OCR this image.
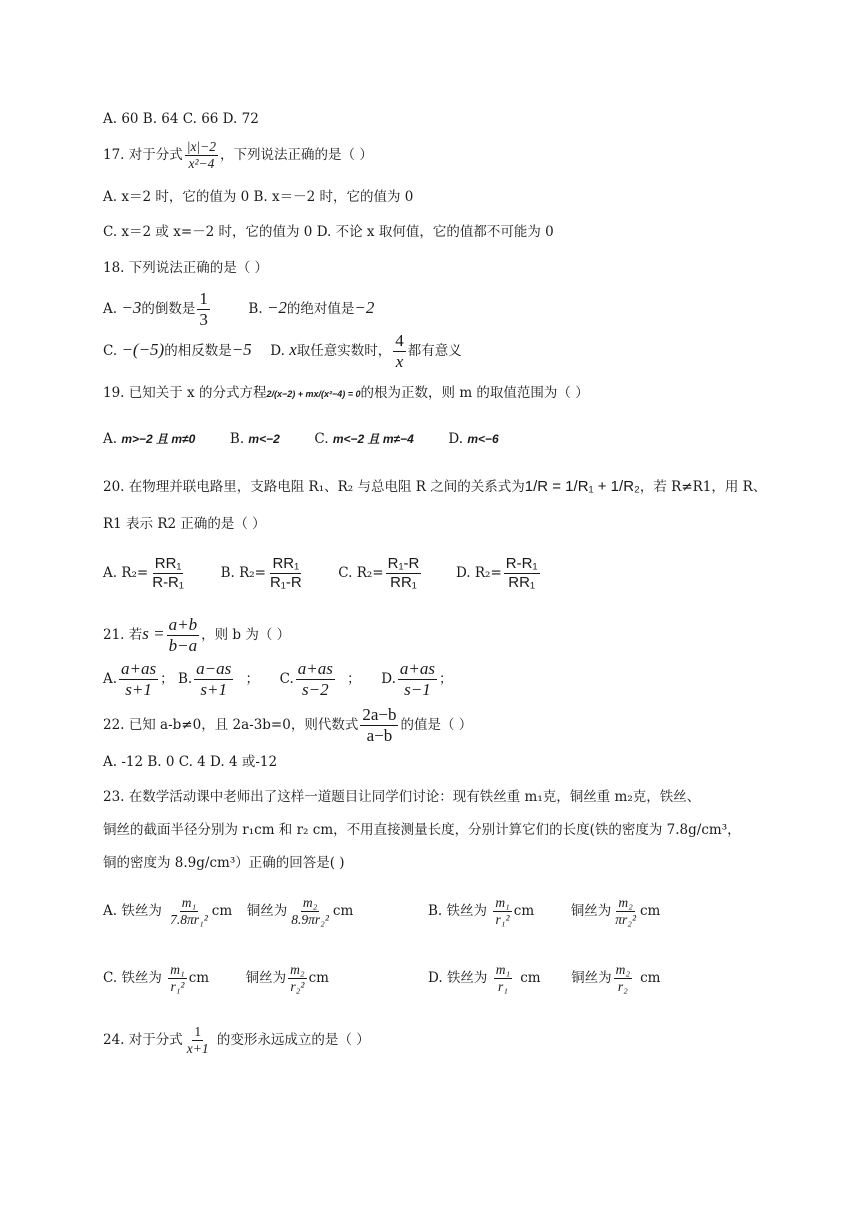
A. 60 B. 64 C. 66 D. 72
17. 对于分式 $\frac{|x|-2}{\text{x²−4}}$ ，下列说法正确的是（ ）
A. x＝2 时，它的值为 0 B. x＝－2 时，它的值为 0
C. x＝2 或 x=－2 时，它的值为 0 D. 不论 x 取何值，它的值都不可能为 0
18. 下列说法正确的是（ ）
A. −3的倒数是 $\frac{1}{3}$	B. −2的绝对值是−2
C. −(−5)的相反数是−5 D. x取任意实数时， $\frac{4}{x}$ 都有意义
19. 已知关于 x 的分式方程2/(x−2) + mx/(x²−4) = 0的根为正数，则 m 的取值范围为（ ）
A. m>−2 且 m≠0	B. m<−2	C. m<−2 且 m≠−4	D. m<−6
20. 在物理并联电路里，支路电阻 R₁、R₂ 与总电阻 R 之间的关系式为1/R = 1/R₁ + 1/R₂，若 R≠R1，用 R、
R1 表示 R2 正确的是（ ）
A. $R_2= \frac{\text{RR₁}}{\text{R-R₁}}$	B. $R_2= \frac{\text{RR₁}}{\text{R₁-R}}$	C. $R_2= \frac{\text{R₁-R}}{\text{RR₁}}$	D. $R_2= \frac{\text{R-R₁}}{\text{RR₁}}$
21. 若$s = \frac{a+b}{b-a}$ ，则 b 为（ ）
A. $\frac{a+as}{s+1}$ ； B. $\frac{a-as}{s+1}$ ； C. $\frac{a+as}{s-2}$ ； D. $\frac{a+as}{s-1}$ ；
22. 已知 a-b≠0，且 2a-3b=0，则代数式 $\frac{2a-b}{a-b}$ 的值是（ ）
A. -12 B. 0 C. 4 D. 4 或-12
23. 在数学活动课中老师出了这样一道题目让同学们讨论：现有铁丝重 m₁克，铜丝重 m₂克，铁丝、
铜丝的截面半径分别为 r₁cm 和 r₂ cm，不用直接测量长度，分别计算它们的长度(铁的密度为 7.8g/cm³，
铜的密度为 8.9g/cm³）正确的回答是( )
A. 铁丝为 $\frac{\text{m₁}}{\text{7.8πr₁²}}$ cm 铜丝为 $\frac{\text{m₂}}{\text{8.9πr₂²}}$ cm	B. 铁丝为 $\frac{\text{m₁}}{\text{r₁²}}$ cm	铜丝为 $\frac{\text{m₂}}{\text{πr₂²}}$ cm
C. 铁丝为 $\frac{\text{m₁}}{\text{r₁²}}$ cm	铜丝为 $\frac{\text{m₂}}{\text{r₂²}}$ cm	D. 铁丝为 $\frac{\text{m₁}}{\text{r₁}}$ cm 铜丝为 $\frac{\text{m₂}}{\text{r₂}}$ cm
24. 对于分式 $\frac{1}{x+1}$ 的变形永远成立的是（ ）
